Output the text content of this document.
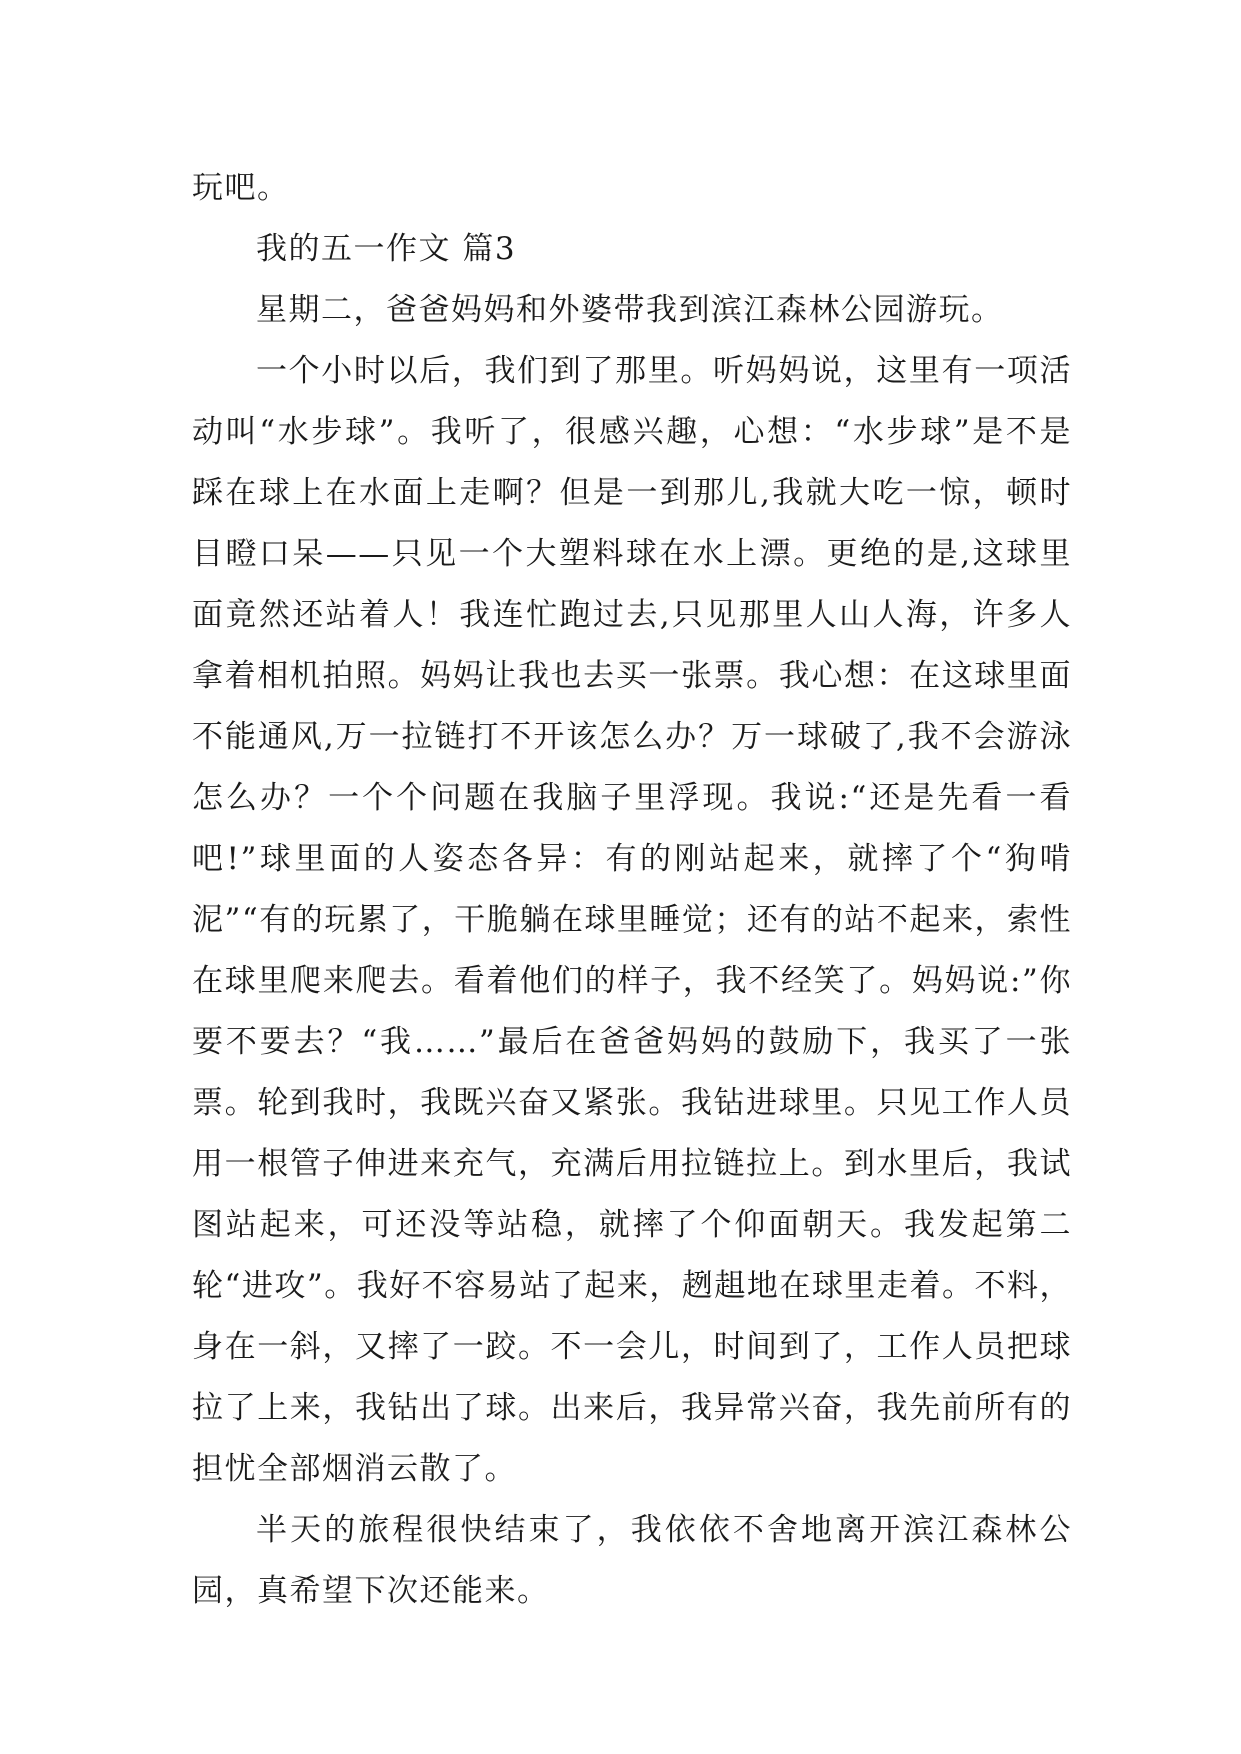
玩吧。

我的五一作文 篇3

星期二，爸爸妈妈和外婆带我到滨江森林公园游玩。

一个小时以后，我们到了那里。听妈妈说，这里有一项活动叫“水步球”。我听了，很感兴趣，心想：“水步球”是不是踩在球上在水面上走啊？但是一到那儿,我就大吃一惊，顿时目瞪口呆——只见一个大塑料球在水上漂。更绝的是,这球里面竟然还站着人！我连忙跑过去,只见那里人山人海，许多人拿着相机拍照。妈妈让我也去买一张票。我心想：在这球里面不能通风,万一拉链打不开该怎么办？万一球破了,我不会游泳怎么办？一个个问题在我脑子里浮现。我说:“还是先看一看吧!”球里面的人姿态各异：有的刚站起来，就摔了个“狗啃泥”“有的玩累了，干脆躺在球里睡觉；还有的站不起来，索性在球里爬来爬去。看着他们的样子，我不经笑了。妈妈说:”你要不要去？“我……”最后在爸爸妈妈的鼓励下，我买了一张票。轮到我时，我既兴奋又紧张。我钻进球里。只见工作人员用一根管子伸进来充气，充满后用拉链拉上。到水里后，我试图站起来，可还没等站稳，就摔了个仰面朝天。我发起第二轮“进攻”。我好不容易站了起来，趔趄地在球里走着。不料，身在一斜，又摔了一跤。不一会儿，时间到了，工作人员把球拉了上来，我钻出了球。出来后，我异常兴奋，我先前所有的担忧全部烟消云散了。

半天的旅程很快结束了，我依依不舍地离开滨江森林公园，真希望下次还能来。
